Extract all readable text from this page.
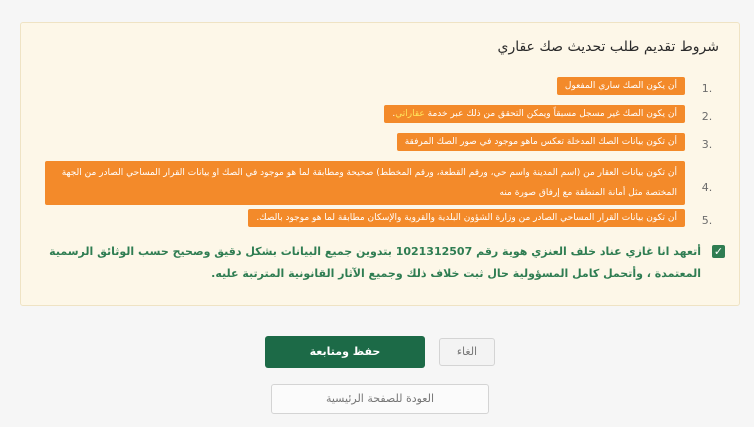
شروط تقديم طلب تحديث صك عقاري
1.
أن يكون الصك ساري المفعول
2.
أن يكون الصك غير مسجل مسبقاً ويمكن التحقق من ذلك عبر خدمة عقاراتي.
3.
أن تكون بيانات الصك المدخلة تعكس ماهو موجود في صور الصك المرفقة
4.
أن تكون بيانات العقار من (اسم المدينة واسم حي، ورقم القطعة، ورقم المخطط) صحيحة ومطابقة لما هو موجود في الصك او بيانات القرار المساحي الصادر من الجهة المختصة مثل أمانة المنطقة مع إرفاق صورة منه
5.
أن تكون بيانات القرار المساحي الصادر من وزارة الشؤون البلدية والقروية والإسكان مطابقة لما هو موجود بالصك.
✓
أتعهد انا غازي عناد خلف العنزي هوية رقم 1021312507 بتدوين جميع البيانات بشكل دقيق وصحيح حسب الوثائق الرسمية المعتمدة ، وأتحمل كامل المسؤولية حال ثبت خلاف ذلك وجميع الآثار القانونية المترتبة عليه.
حفظ ومتابعة	الغاء
العودة للصفحة الرئيسية
